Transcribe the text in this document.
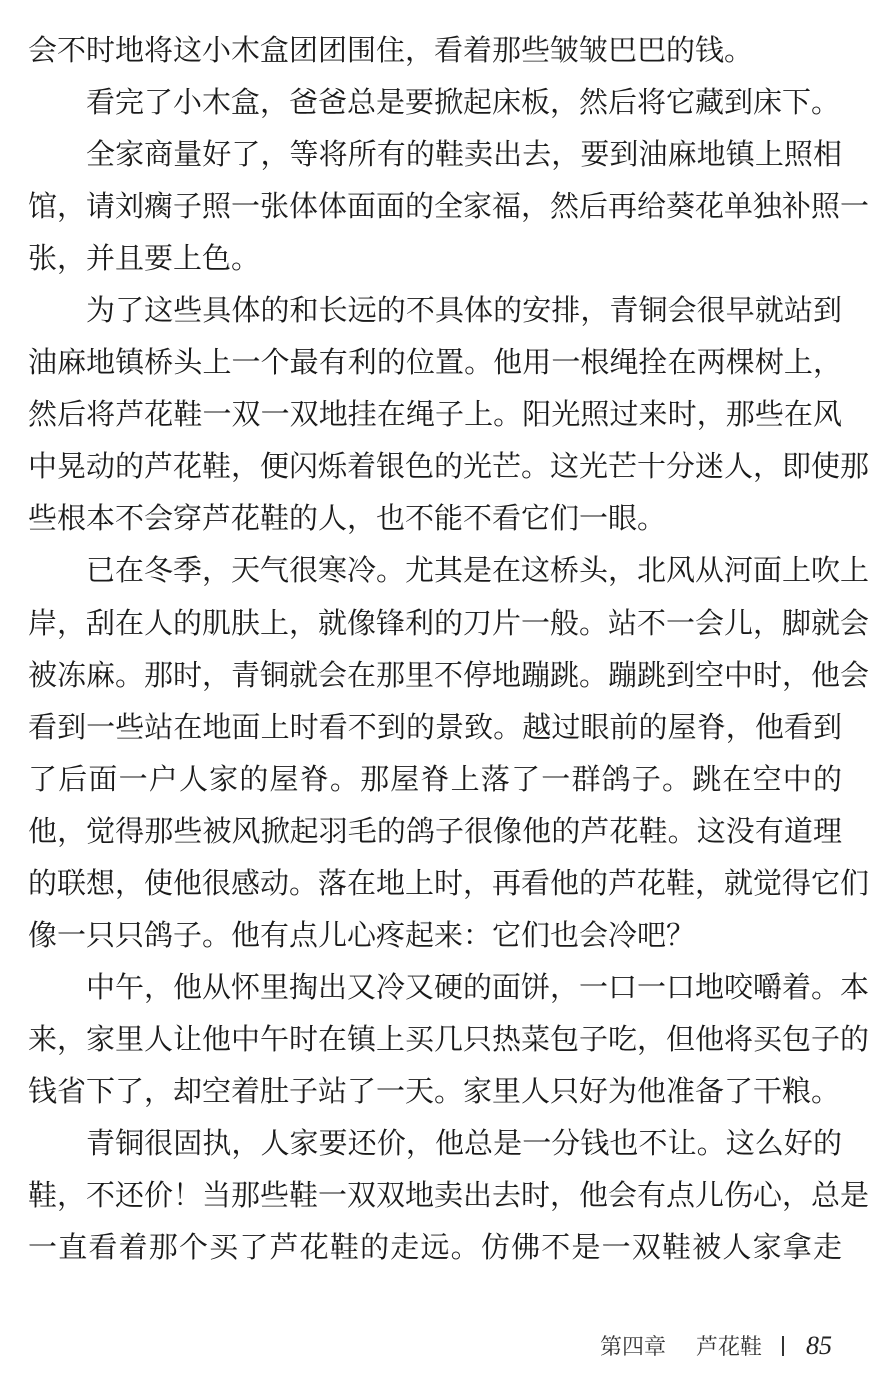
会不时地将这小木盒团团围住，看着那些皱皱巴巴的钱。
看完了小木盒，爸爸总是要掀起床板，然后将它藏到床下。
全家商量好了，等将所有的鞋卖出去，要到油麻地镇上照相
馆，请刘瘸子照一张体体面面的全家福，然后再给葵花单独补照一
张，并且要上色。
为了这些具体的和长远的不具体的安排，青铜会很早就站到
油麻地镇桥头上一个最有利的位置。他用一根绳拴在两棵树上，
然后将芦花鞋一双一双地挂在绳子上。阳光照过来时，那些在风
中晃动的芦花鞋，便闪烁着银色的光芒。这光芒十分迷人，即使那
些根本不会穿芦花鞋的人，也不能不看它们一眼。
已在冬季，天气很寒冷。尤其是在这桥头，北风从河面上吹上
岸，刮在人的肌肤上，就像锋利的刀片一般。站不一会儿，脚就会
被冻麻。那时，青铜就会在那里不停地蹦跳。蹦跳到空中时，他会
看到一些站在地面上时看不到的景致。越过眼前的屋脊，他看到
了后面一户人家的屋脊。那屋脊上落了一群鸽子。跳在空中的
他，觉得那些被风掀起羽毛的鸽子很像他的芦花鞋。这没有道理
的联想，使他很感动。落在地上时，再看他的芦花鞋，就觉得它们
像一只只鸽子。他有点儿心疼起来：它们也会冷吧？
中午，他从怀里掏出又冷又硬的面饼，一口一口地咬嚼着。本
来，家里人让他中午时在镇上买几只热菜包子吃，但他将买包子的
钱省下了，却空着肚子站了一天。家里人只好为他准备了干粮。
青铜很固执，人家要还价，他总是一分钱也不让。这么好的
鞋，不还价！当那些鞋一双双地卖出去时，他会有点儿伤心，总是
一直看着那个买了芦花鞋的走远。仿佛不是一双鞋被人家拿走
第四章 芦花鞋 85
